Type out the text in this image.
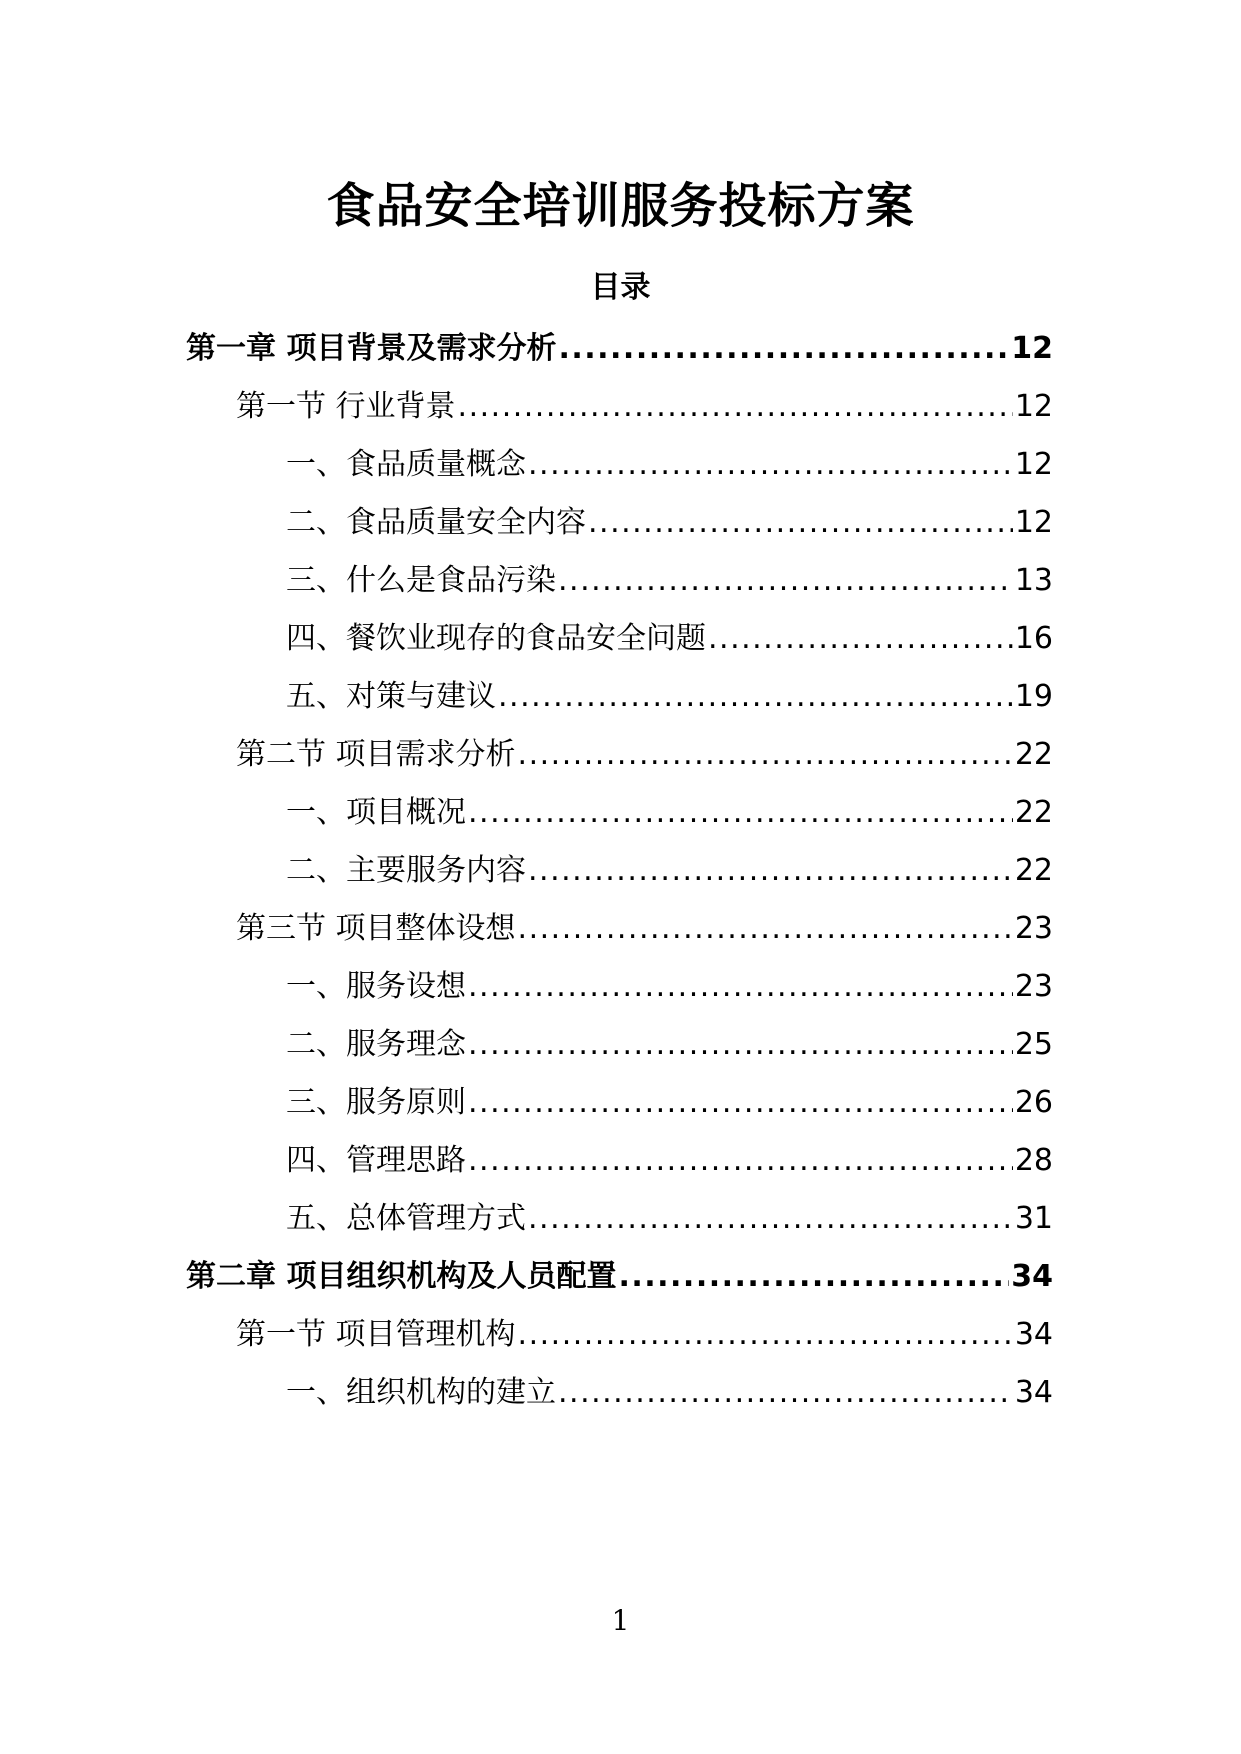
食品安全培训服务投标方案
目录
第一章 项目背景及需求分析 .....	12
第一节 行业背景 .....	12
一、食品质量概念 .....	12
二、食品质量安全内容 .....	12
三、什么是食品污染 .....	13
四、餐饮业现存的食品安全问题 .....	16
五、对策与建议 .....	19
第二节 项目需求分析 .....	22
一、项目概况 .....	22
二、主要服务内容 .....	22
第三节 项目整体设想 .....	23
一、服务设想 .....	23
二、服务理念 .....	25
三、服务原则 .....	26
四、管理思路 .....	28
五、总体管理方式 .....	31
第二章 项目组织机构及人员配置 .....	34
第一节 项目管理机构 .....	34
一、组织机构的建立 .....	34
1
